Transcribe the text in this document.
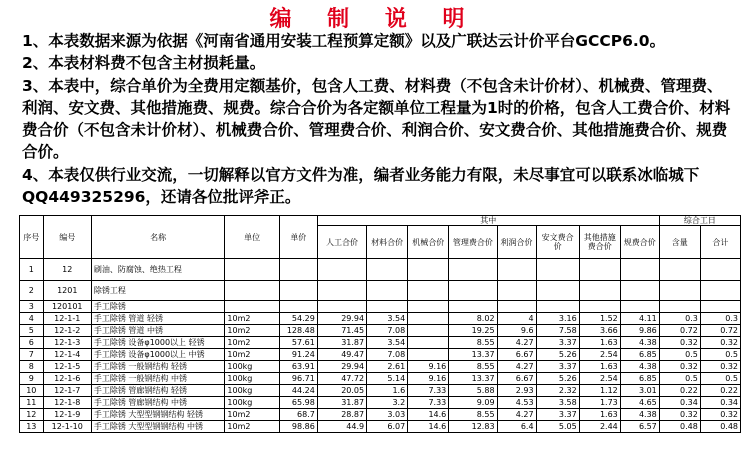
编 制 说 明

1、本表数据来源为依据《河南省通用安装工程预算定额》以及广联达云计价平台GCCP6.0。

2、本表材料费不包含主材损耗量。

3、本表中，综合单价为全费用定额基价，包含人工费、材料费（不包含未计价材）、机械费、管理费、利润、安文费、其他措施费、规费。综合合价为各定额单位工程量为1时的价格，包含人工费合价、材料费合价（不包含未计价材）、机械费合价、管理费合价、利润合价、安文费合价、其他措施费合价、规费合价。

4、本表仅供行业交流，一切解释以官方文件为准，编者业务能力有限，未尽事宜可以联系冰临城下QQ449325296，还请各位批评斧正。

序号	编号	名称	单位	单价	其中								综合工日	
					人工合价	材料合价	机械合价	管理费合价	利润合价	安文费合价	其他措施费合价	规费合价	含量	合计
1	12	刷油、防腐蚀、绝热工程												
2	1201	除锈工程												
3	120101	手工除锈												
4	12-1-1	手工除锈 管道 轻锈	10m2	54.29	29.94	3.54		8.02	4	3.16	1.52	4.11	0.3	0.3
5	12-1-2	手工除锈 管道 中锈	10m2	128.48	71.45	7.08		19.25	9.6	7.58	3.66	9.86	0.72	0.72
6	12-1-3	手工除锈 设备φ1000以上 轻锈	10m2	57.61	31.87	3.54		8.55	4.27	3.37	1.63	4.38	0.32	0.32
7	12-1-4	手工除锈 设备φ1000以上 中锈	10m2	91.24	49.47	7.08		13.37	6.67	5.26	2.54	6.85	0.5	0.5
8	12-1-5	手工除锈 一般钢结构 轻锈	100kg	63.91	29.94	2.61	9.16	8.55	4.27	3.37	1.63	4.38	0.32	0.32
9	12-1-6	手工除锈 一般钢结构 中锈	100kg	96.71	47.72	5.14	9.16	13.37	6.67	5.26	2.54	6.85	0.5	0.5
10	12-1-7	手工除锈 管廊钢结构 轻锈	100kg	44.24	20.05	1.6	7.33	5.88	2.93	2.32	1.12	3.01	0.22	0.22
11	12-1-8	手工除锈 管廊钢结构 中锈	100kg	65.98	31.87	3.2	7.33	9.09	4.53	3.58	1.73	4.65	0.34	0.34
12	12-1-9	手工除锈 大型型钢钢结构 轻锈	10m2	68.7	28.87	3.03	14.6	8.55	4.27	3.37	1.63	4.38	0.32	0.32
13	12-1-10	手工除锈 大型型钢钢结构 中锈	10m2	98.86	44.9	6.07	14.6	12.83	6.4	5.05	2.44	6.57	0.48	0.48
